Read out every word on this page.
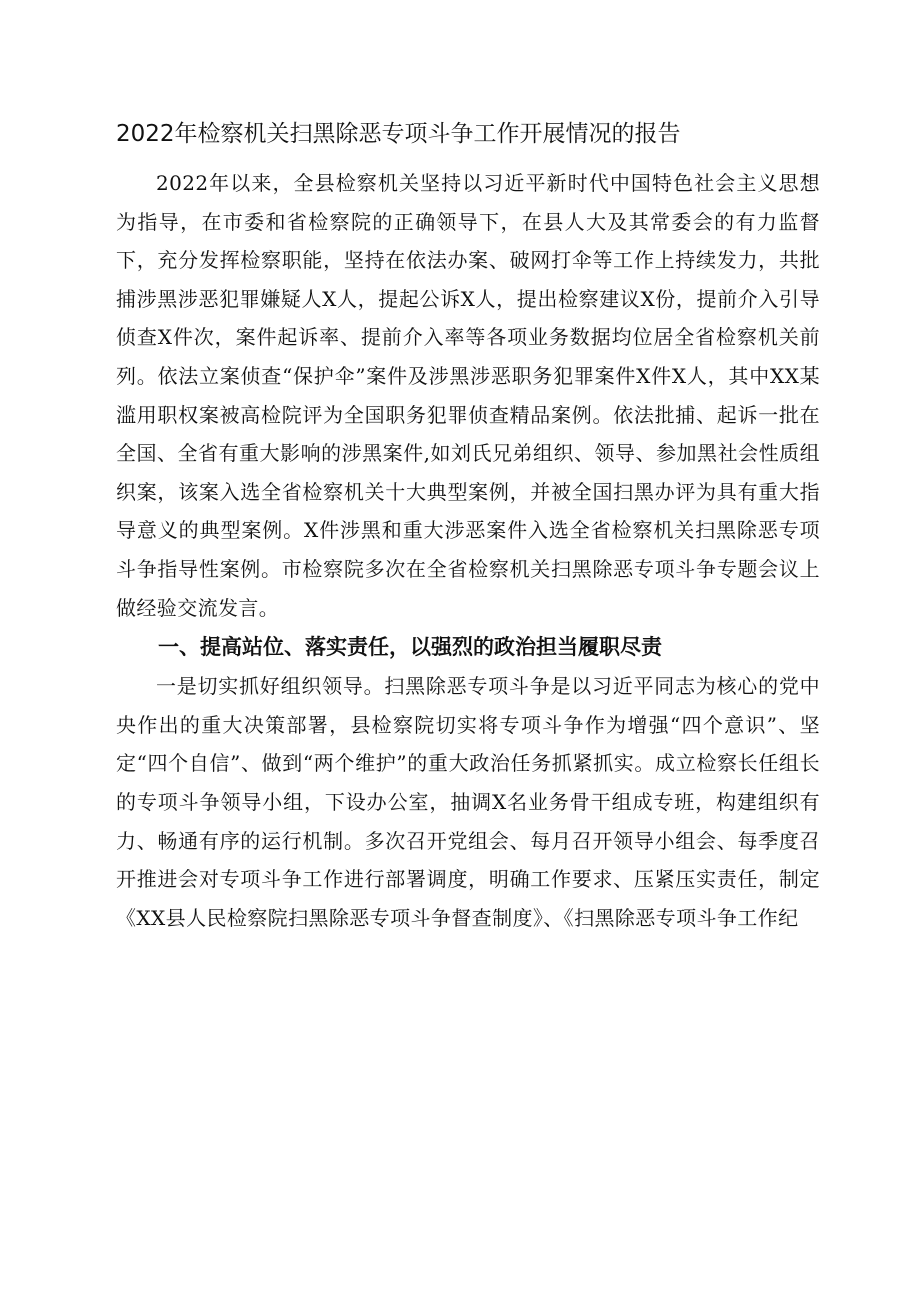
2022年检察机关扫黑除恶专项斗争工作开展情况的报告

2022年以来，全县检察机关坚持以习近平新时代中国特色社会主义思想为指导，在市委和省检察院的正确领导下，在县人大及其常委会的有力监督下，充分发挥检察职能，坚持在依法办案、破网打伞等工作上持续发力，共批捕涉黑涉恶犯罪嫌疑人X人，提起公诉X人，提出检察建议X份，提前介入引导侦查X件次，案件起诉率、提前介入率等各项业务数据均位居全省检察机关前列。依法立案侦查“保护伞”案件及涉黑涉恶职务犯罪案件X件X人，其中XX某滥用职权案被高检院评为全国职务犯罪侦查精品案例。依法批捕、起诉一批在全国、全省有重大影响的涉黑案件,如刘氏兄弟组织、领导、参加黑社会性质组织案，该案入选全省检察机关十大典型案例，并被全国扫黑办评为具有重大指导意义的典型案例。X件涉黑和重大涉恶案件入选全省检察机关扫黑除恶专项斗争指导性案例。市检察院多次在全省检察机关扫黑除恶专项斗争专题会议上做经验交流发言。

一、提高站位、落实责任，以强烈的政治担当履职尽责

一是切实抓好组织领导。扫黑除恶专项斗争是以习近平同志为核心的党中央作出的重大决策部署，县检察院切实将专项斗争作为增强“四个意识”、坚定“四个自信”、做到“两个维护”的重大政治任务抓紧抓实。成立检察长任组长的专项斗争领导小组，下设办公室，抽调X名业务骨干组成专班，构建组织有力、畅通有序的运行机制。多次召开党组会、每月召开领导小组会、每季度召开推进会对专项斗争工作进行部署调度，明确工作要求、压紧压实责任，制定《XX县人民检察院扫黑除恶专项斗争督查制度》、《扫黑除恶专项斗争工作纪
